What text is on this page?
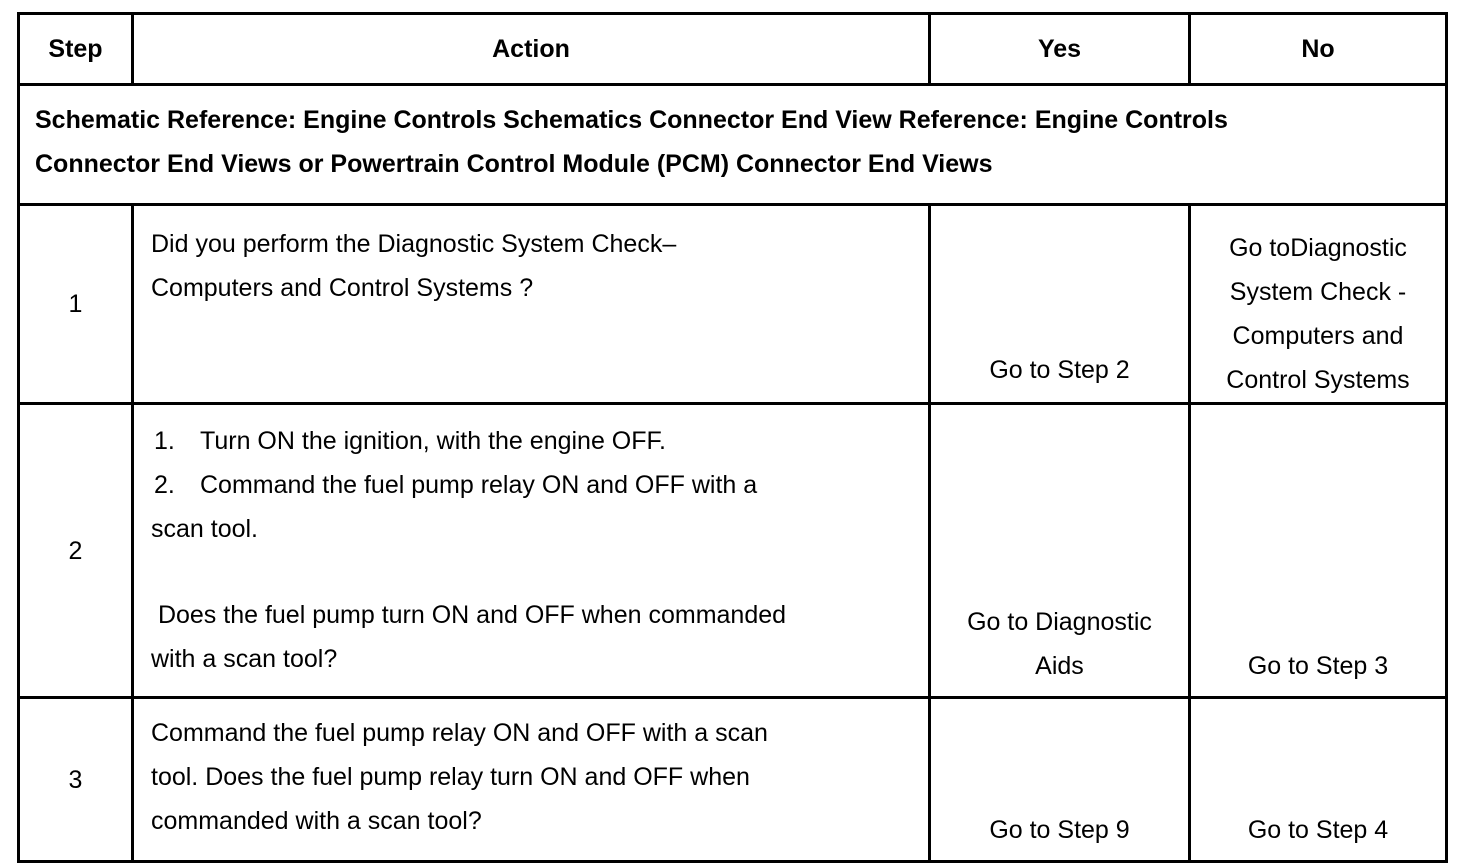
Step	Action	Yes	No

Schematic Reference: Engine Controls Schematics Connector End View Reference: Engine Controls
Connector End Views or Powertrain Control Module (PCM) Connector End Views			

1	Did you perform the Diagnostic System Check–
Computers and Control Systems ?	Go to Step 2	Go toDiagnostic
System Check -
Computers and
Control Systems

2	1. Turn ON the ignition, with the engine OFF.
2. Command the fuel pump relay ON and OFF with a
scan tool.
Does the fuel pump turn ON and OFF when commanded
with a scan tool?	Go to Diagnostic
Aids	Go to Step 3
3	Command the fuel pump relay ON and OFF with a scan
tool. Does the fuel pump relay turn ON and OFF when
commanded with a scan tool?	Go to Step 9	Go to Step 4
